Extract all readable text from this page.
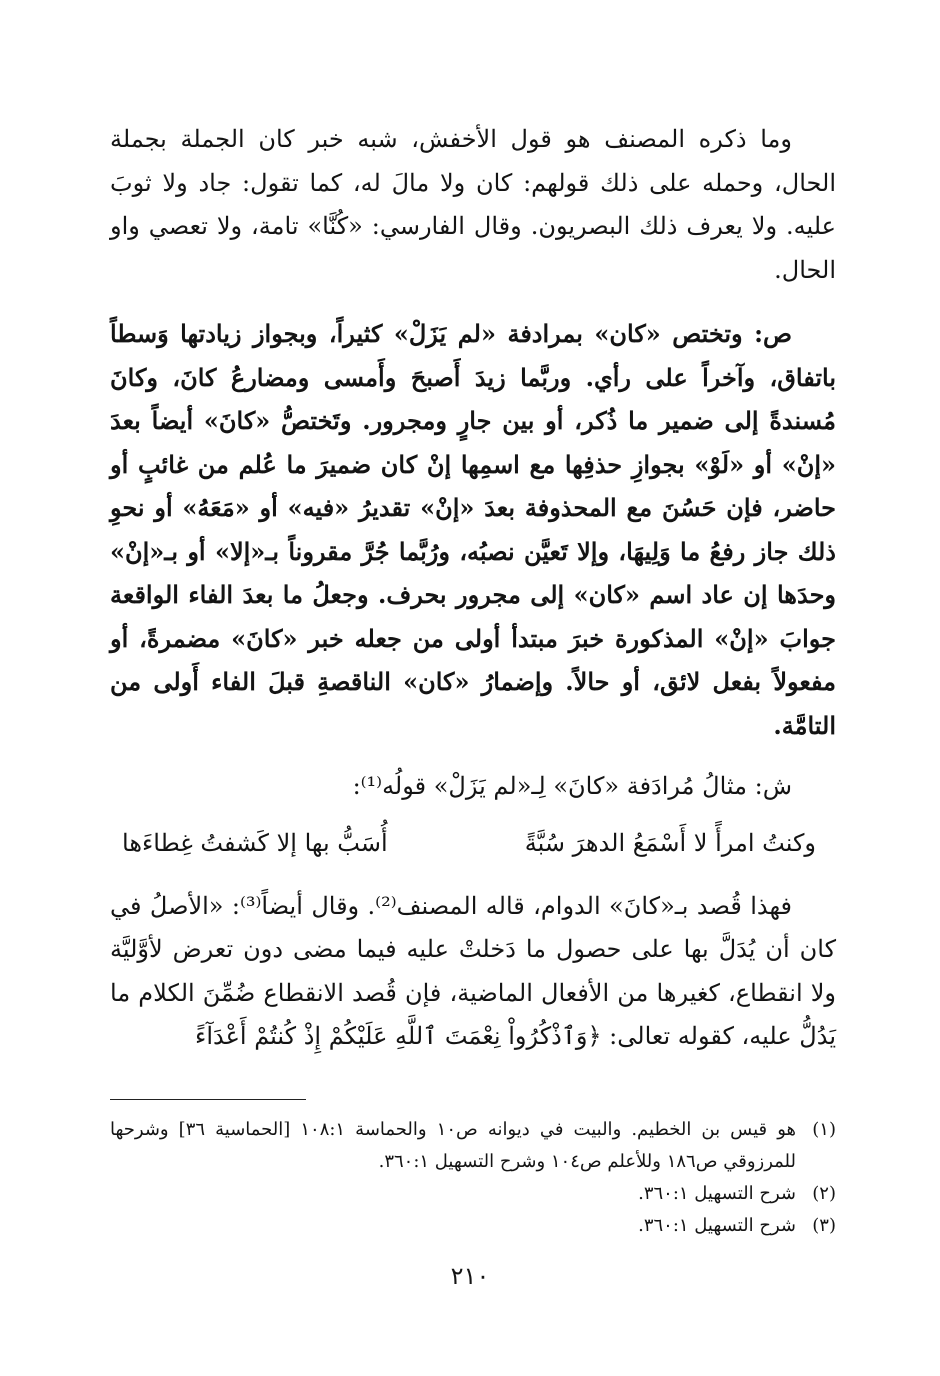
وما ذكره المصنف هو قول الأخفش، شبه خبر كان الجملة بجملة الحال، وحمله على ذلك قولهم: كان ولا مالَ له، كما تقول: جاد ولا ثوبَ عليه. ولا يعرف ذلك البصريون. وقال الفارسي: «كُنَّا» تامة، ولا تعصي واو الحال.

ص: وتختص «كان» بمرادفة «لم يَزَلْ» كثيراً، وبجواز زيادتها وَسطاً باتفاق، وآخراً على رأي. وربَّما زيدَ أَصبحَ وأَمسى ومضارعُ كانَ، وكانَ مُسندةً إلى ضمير ما ذُكر، أو بين جارٍ ومجرور. وتَختصُّ «كانَ» أيضاً بعدَ «إنْ» أو «لَوْ» بجوازِ حذفِها مع اسمِها إنْ كان ضميرَ ما عُلم من غائبٍ أو حاضر، فإن حَسُنَ مع المحذوفة بعدَ «إنْ» تقديرُ «فيه» أو «مَعَهُ» أو نحوِ ذلك جاز رفعُ ما وَلِيهَا، وإلا تَعيَّن نصبُه، ورُبَّما جُرَّ مقروناً بـ«إلا» أو بـ«إنْ» وحدَها إن عاد اسم «كان» إلى مجرور بحرف. وجعلُ ما بعدَ الفاء الواقعة جوابَ «إنْ» المذكورة خبرَ مبتدأ أولى من جعله خبر «كانَ» مضمرةً، أو مفعولاً بفعل لائق، أو حالاً. وإضمارُ «كان» الناقصةِ قبلَ الفاء أَولى من التامَّة.

ش: مثالُ مُرادَفة «كانَ» لِـ«لم يَزَلْ» قولُه⁽¹⁾:

وكنتُ امرأً لا أَسْمَعُ الدهرَ سُبَّةً
أُسَبُّ بها إلا كَشفتُ غِطاءَها

فهذا قُصد بـ«كانَ» الدوام، قاله المصنف⁽²⁾. وقال أيضاً⁽³⁾: «الأصلُ في كان أن يُدَلَّ بها على حصول ما دَخلتْ عليه فيما مضى دون تعرض لأوَّليَّة ولا انقطاع، كغيرها من الأفعال الماضية، فإن قُصد الانقطاع ضُمِّنَ الكلام ما يَدُلُّ عليه، كقوله تعالى: ﴿وَٱذْكُرُواْ نِعْمَتَ ٱللَّهِ عَلَيْكُمْ إِذْ كُنتُمْ أَعْدَآءً

(١)
هو قيس بن الخطيم. والبيت في ديوانه ص١٠ والحماسة ١٠٨:١ [الحماسية ٣٦] وشرحها للمرزوقي ص١٨٦ وللأعلم ص١٠٤ وشرح التسهيل ٣٦٠:١.
(٢)
شرح التسهيل ٣٦٠:١.
(٣)
شرح التسهيل ٣٦٠:١.
٢١٠
